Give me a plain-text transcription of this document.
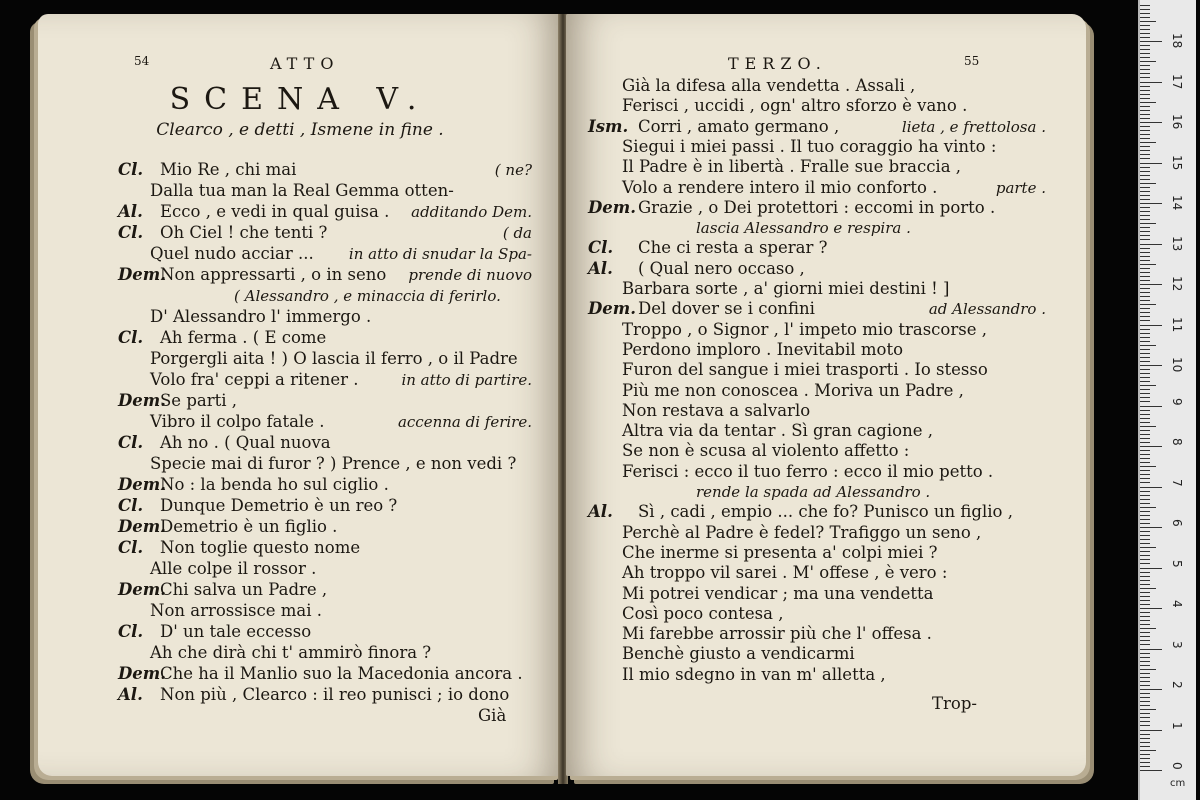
54	ATTO
SCENA V.
Clearco , e detti , Ismene in fine .
Cl. Mio Re , chi mai	( ne?
Dalla tua man la Real Gemma otten-
Al. Ecco , e vedi in qual guisa . additando Dem.
Cl. Oh Ciel ! che tenti ?	( da
Quel nudo acciar ... in atto di snudar la Spa-
Dem.
Non appressarti , o in seno prende di nuovo
( Alessandro , e minaccia di ferirlo.
D' Alessandro l' immergo .
Cl. Ah ferma . ( E come
Porgergli aita ! ) O lascia il ferro , o il Padre
Volo fra' ceppi a ritener .	in atto di partire.
Dem.
Se parti ,
Vibro il colpo fatale .	accenna di ferire.
Cl. Ah no . ( Qual nuova
Specie mai di furor ? ) Prence , e non vedi ?
Dem.
No : la benda ho sul ciglio .
Cl. Dunque Demetrio è un reo ?
Dem.
Demetrio è un figlio .
Cl. Non toglie questo nome
Alle colpe il rossor .
Dem.
Chi salva un Padre ,
Non arrossisce mai .
Cl. D' un tale eccesso
Ah che dirà chi t' ammirò finora ?
Dem.
Che ha il Manlio suo la Macedonia ancora .
Al. Non più , Clearco : il reo punisci ; io dono
Già
TERZO.	55
Già la difesa alla vendetta . Assali ,
Ferisci , uccidi , ogn' altro sforzo è vano .
Ism. Corri , amato germano ,	lieta , e frettolosa .
Siegui i miei passi . Il tuo coraggio ha vinto :
Il Padre è in libertà . Fralle sue braccia ,
Volo a rendere intero il mio conforto .	parte .
Dem. Grazie , o Dei protettori : eccomi in porto .
lascia Alessandro e respira .
Cl. Che ci resta a sperar ?
Al. ( Qual nero occaso ,
Barbara sorte , a' giorni miei destini ! ]
Dem. Del dover se i confini	ad Alessandro .
Troppo , o Signor , l' impeto mio trascorse ,
Perdono imploro . Inevitabil moto
Furon del sangue i miei trasporti . Io stesso
Più me non conoscea . Moriva un Padre ,
Non restava a salvarlo
Altra via da tentar . Sì gran cagione ,
Se non è scusa al violento affetto :
Ferisci : ecco il tuo ferro : ecco il mio petto .
rende la spada ad Alessandro .
Al. Sì , cadi , empio ... che fo? Punisco un figlio ,
Perchè al Padre è fedel? Trafiggo un seno ,
Che inerme si presenta a' colpi miei ?
Ah troppo vil sarei . M' offese , è vero :
Mi potrei vendicar ; ma una vendetta
Così poco contesa ,
Mi farebbe arrossir più che l' offesa .
Benchè giusto a vendicarmi
Il mio sdegno in van m' alletta ,
Trop-
cm
0
1
2
3
4
5
6
7
8
9
10
11
12
13
14
15
16
17
18
